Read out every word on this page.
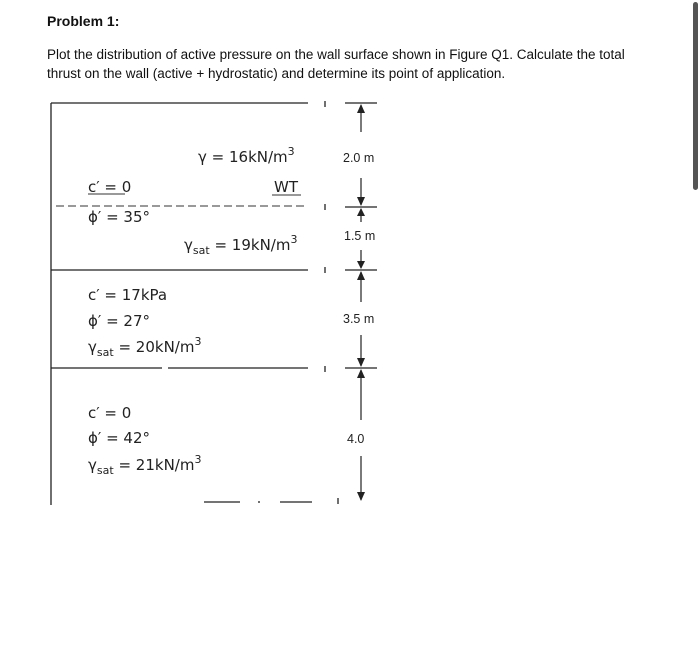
Problem 1:

Plot the distribution of active pressure on the wall surface shown in Figure Q1. Calculate the total thrust on the wall (active + hydrostatic) and determine its point of application.

$\gamma = 16kN/m^3$
c′ = 0	WT
ϕ′ = 35°
$\gamma_{sat} = 19kN/m^3$
c′ = 17kPa
ϕ′ = 27°
$\gamma_{sat} = 20kN/m^3$
c′ = 0
ϕ′ = 42°
$\gamma_{sat} = 21kN/m^3$
2.0 m
1.5 m
3.5 m
4.0
